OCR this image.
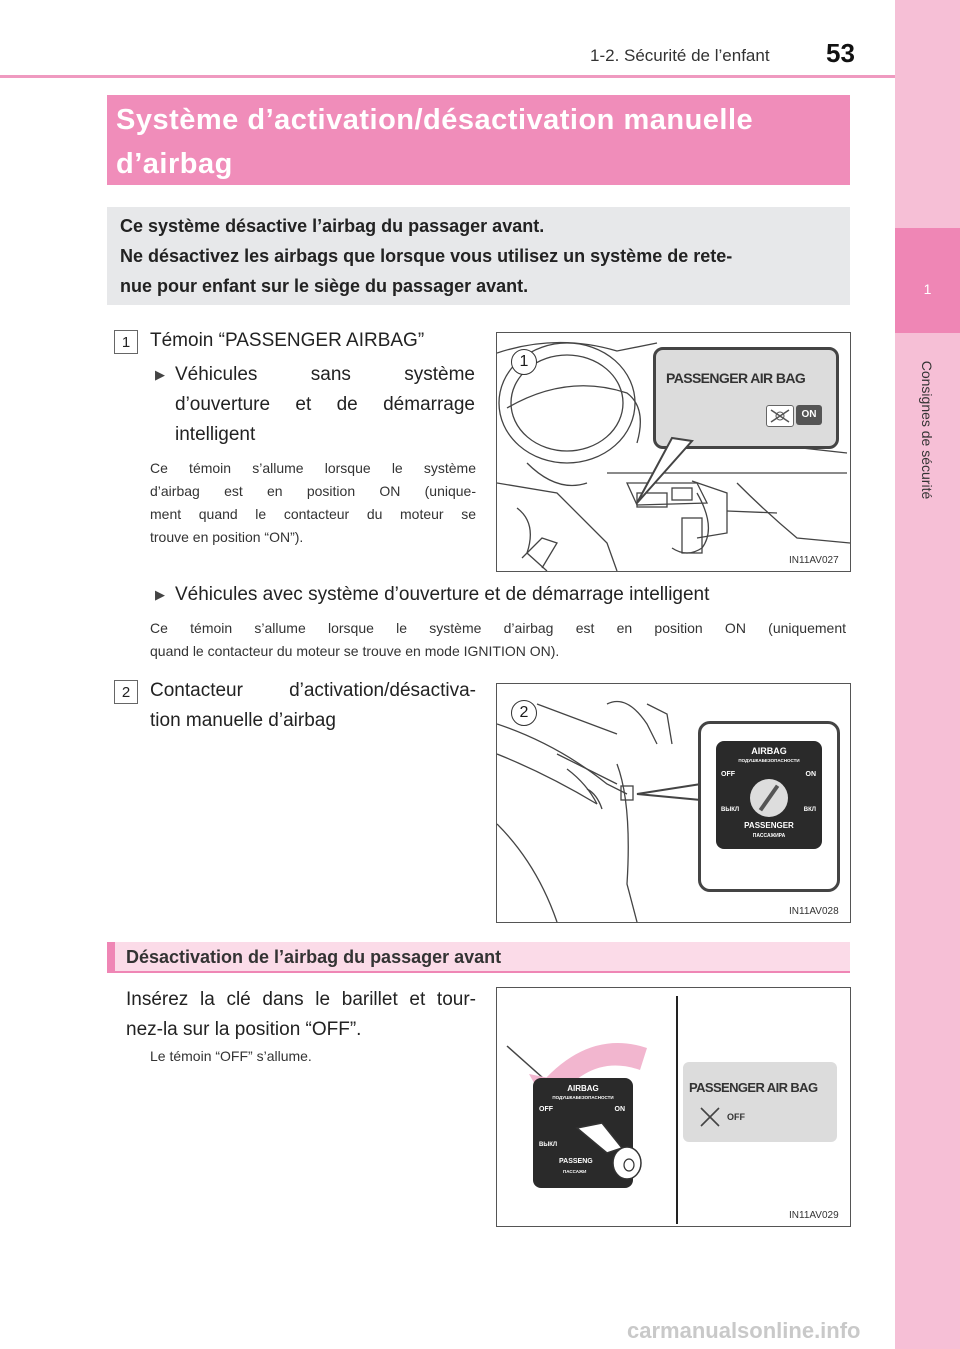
1-2. Sécurité de l’enfant 53
1
Consignes de sécurité
Système d’activation/désactivation manuelle
d’airbag
Ce système désactive l’airbag du passager avant.
Ne désactivez les airbags que lorsque vous utilisez un système de rete-
nue pour enfant sur le siège du passager avant.
1	Témoin “PASSENGER AIRBAG”
▶ Véhicules sans système
d’ouverture et de démarrage
intelligent
Ce témoin s’allume lorsque le système
d’airbag est en position ON (unique-
ment quand le contacteur du moteur se
trouve en position “ON”).
PASSENGER AIR BAG
ON
1
IN11AV027
▶ Véhicules avec système d’ouverture et de démarrage intelligent
Ce témoin s’allume lorsque le système d’airbag est en position ON (uniquement
quand le contacteur du moteur se trouve en mode IGNITION ON).
2	Contacteur d’activation/désactiva-
tion manuelle d’airbag	2
AIRBAG
ПОДУШКАБЕЗОПАСНОСТИ
OFF	ON
ВЫКЛ	ВКЛ
PASSENGER
ПАССАЖИРА
IN11AV028
Désactivation de l’airbag du passager avant
Insérez la clé dans le barillet et tour-
nez-la sur la position “OFF”.
Le témoin “OFF” s’allume.
AIRBAG
ПОДУШКАБЕЗОПАСНОСТИ
OFF	ON
ВЫКЛ
PASSENG
ПАССАЖИ
PASSENGER AIR BAG
OFF
IN11AV029
carmanualsonline.info
